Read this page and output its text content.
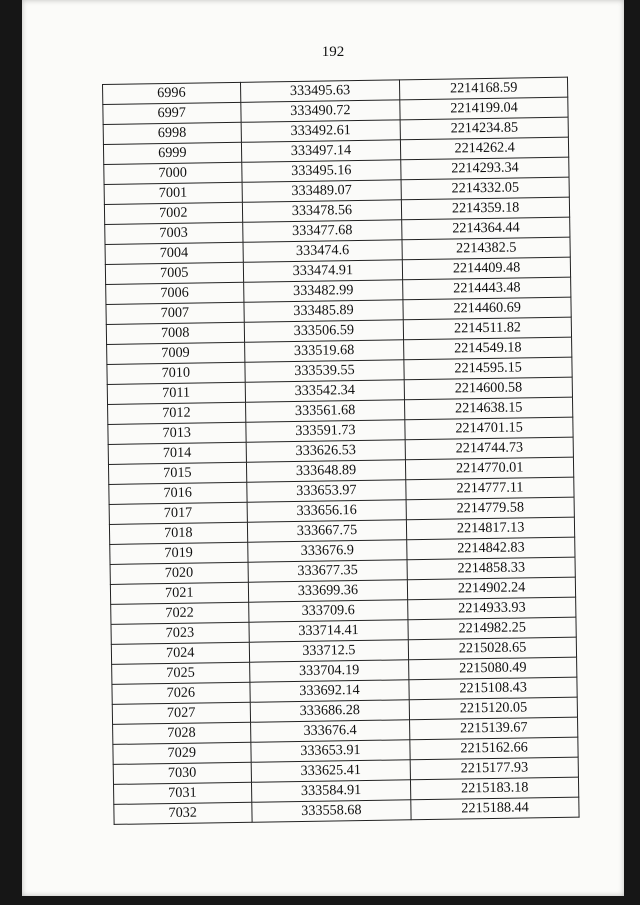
192
6996	333495.63	2214168.59
6997	333490.72	2214199.04
6998	333492.61	2214234.85
6999	333497.14	2214262.4
7000	333495.16	2214293.34
7001	333489.07	2214332.05
7002	333478.56	2214359.18
7003	333477.68	2214364.44
7004	333474.6	2214382.5
7005	333474.91	2214409.48
7006	333482.99	2214443.48
7007	333485.89	2214460.69
7008	333506.59	2214511.82
7009	333519.68	2214549.18
7010	333539.55	2214595.15
7011	333542.34	2214600.58
7012	333561.68	2214638.15
7013	333591.73	2214701.15
7014	333626.53	2214744.73
7015	333648.89	2214770.01
7016	333653.97	2214777.11
7017	333656.16	2214779.58
7018	333667.75	2214817.13
7019	333676.9	2214842.83
7020	333677.35	2214858.33
7021	333699.36	2214902.24
7022	333709.6	2214933.93
7023	333714.41	2214982.25
7024	333712.5	2215028.65
7025	333704.19	2215080.49
7026	333692.14	2215108.43
7027	333686.28	2215120.05
7028	333676.4	2215139.67
7029	333653.91	2215162.66
7030	333625.41	2215177.93
7031	333584.91	2215183.18
7032	333558.68	2215188.44
